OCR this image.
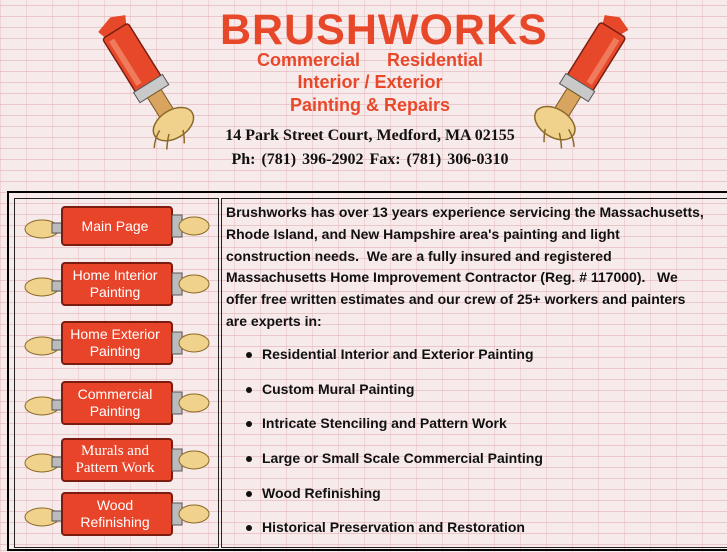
BRUSHWORKS
Commercial Residential
Interior / Exterior
Painting & Repairs
14 Park Street Court, Medford, MA 02155
Ph: (781) 396-2902 Fax: (781) 306-0310
Main Page
Home Interior Painting
Home Exterior Painting
Commercial Painting
Murals and Pattern Work
Wood Refinishing
Brushworks has over 13 years experience servicing the Massachusetts, Rhode Island, and New Hampshire area's painting and light construction needs.  We are a fully insured and registered Massachusetts Home Improvement Contractor (Reg. # 117000).   We offer free written estimates and our crew of 25+ workers and painters are experts in:
Residential Interior and Exterior Painting
Custom Mural Painting
Intricate Stenciling and Pattern Work
Large or Small Scale Commercial Painting
Wood Refinishing
Historical Preservation and Restoration
